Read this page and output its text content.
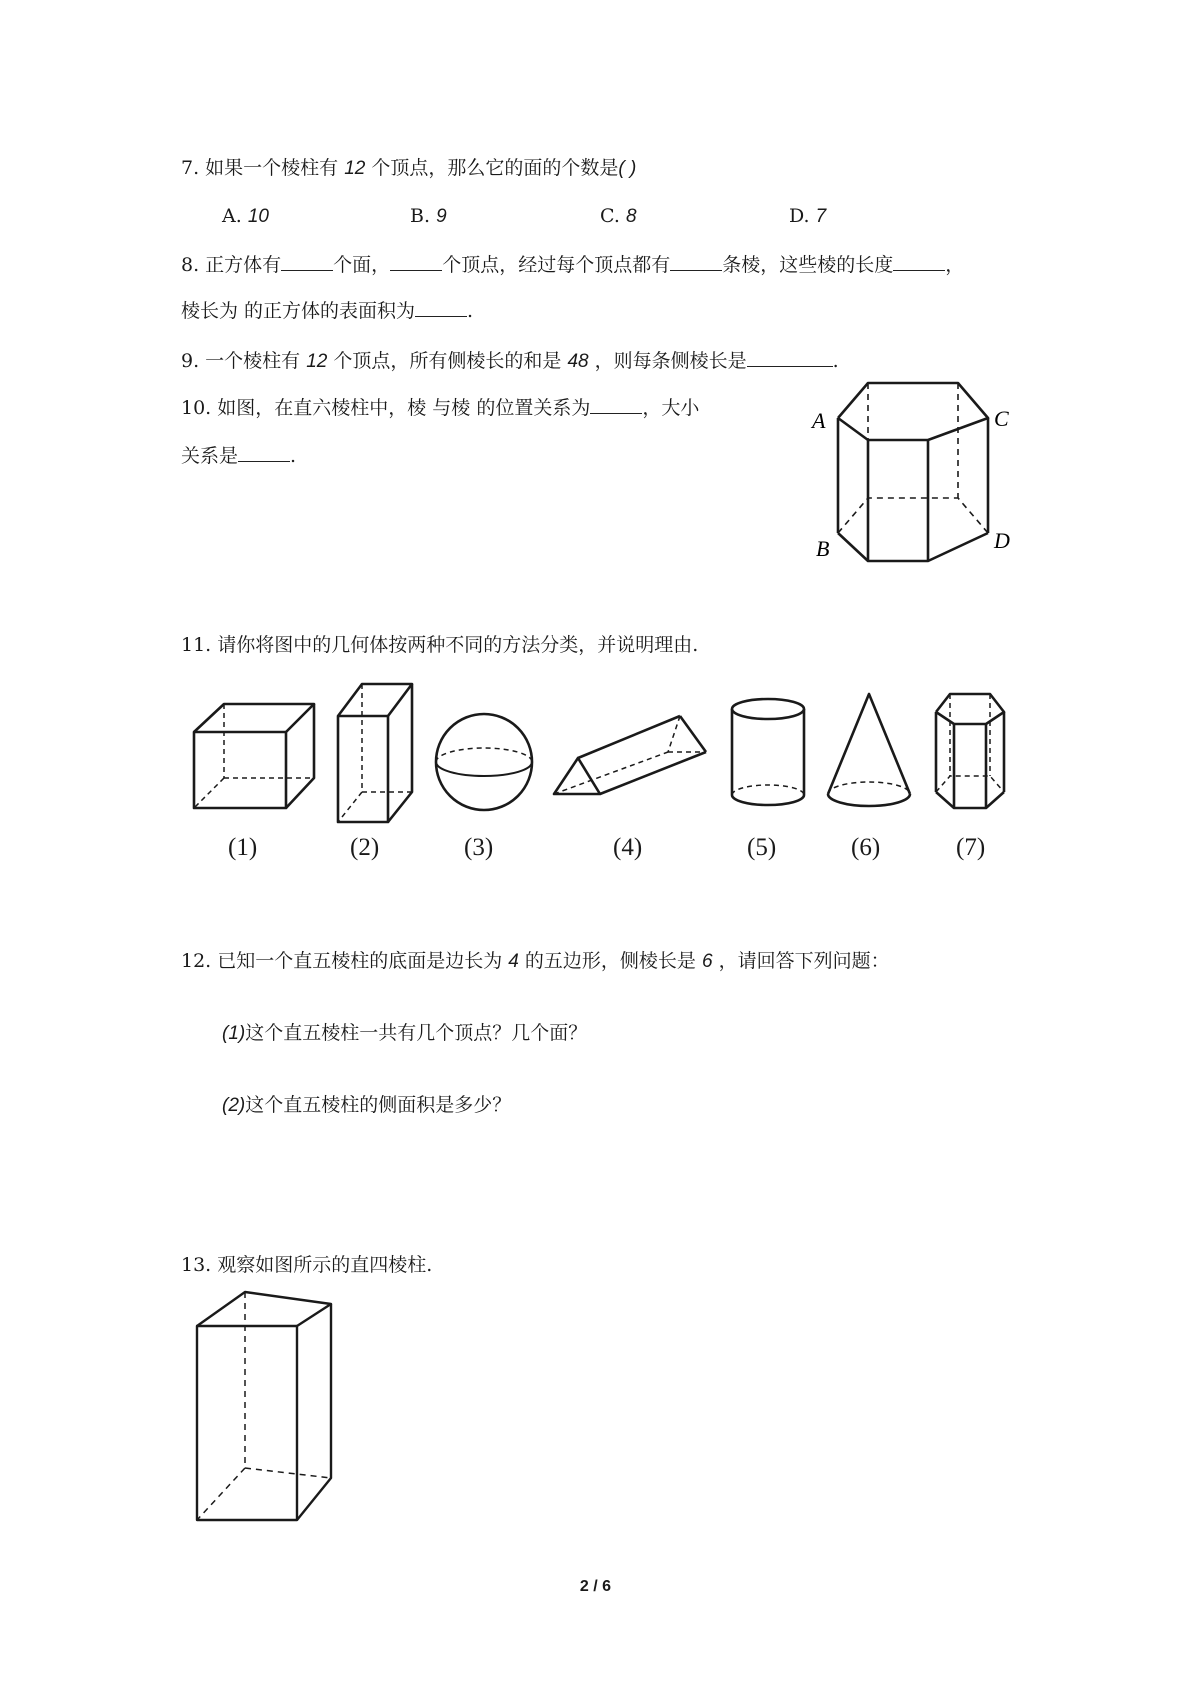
7. 如果一个棱柱有 12 个顶点，那么它的面的个数是( )
A. 10	B. 9	C. 8	D. 7
8. 正方体有	个面，	个顶点，经过每个顶点都有	条棱，这些棱的长度	，
棱长为 的正方体的表面积为	.
9. 一个棱柱有 12 个顶点，所有侧棱长的和是 48 ，则每条侧棱长是	.
10. 如图，在直六棱柱中，棱 与棱 的位置关系为	，大小
关系是	.
A	C
B	D
11. 请你将图中的几何体按两种不同的方法分类，并说明理由.
(1)	(2)	(3)	(4)	(5)	(6)	(7)
12. 已知一个直五棱柱的底面是边长为 4 的五边形，侧棱长是 6 ，请回答下列问题：
(1)这个直五棱柱一共有几个顶点？几个面？
(2)这个直五棱柱的侧面积是多少？
13. 观察如图所示的直四棱柱.
2 / 6
